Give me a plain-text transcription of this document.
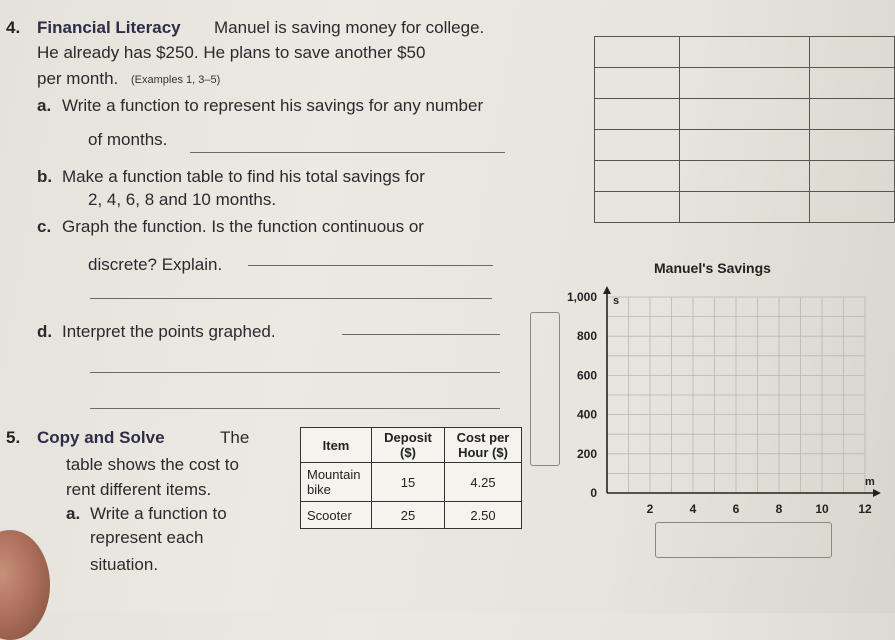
4. Financial Literacy Manuel is saving money for college.
He already has $250. He plans to save another $50
per month. (Examples 1, 3–5)
a. Write a function to represent his savings for any number
of months.
b. Make a function table to find his total savings for
2, 4, 6, 8 and 10 months.
c. Graph the function. Is the function continuous or
discrete? Explain.
d. Interpret the points graphed.

Manuel's Savings
s
m
0
200
400
600
800
1,000
2	4	6	8	10 12
5. Copy and Solve	The
table shows the cost to
rent different items.
a. Write a function to
represent each
situation.
Item	Deposit ($)	Cost per Hour ($)
Mountain bike	15	4.25
Scooter	25	2.50
